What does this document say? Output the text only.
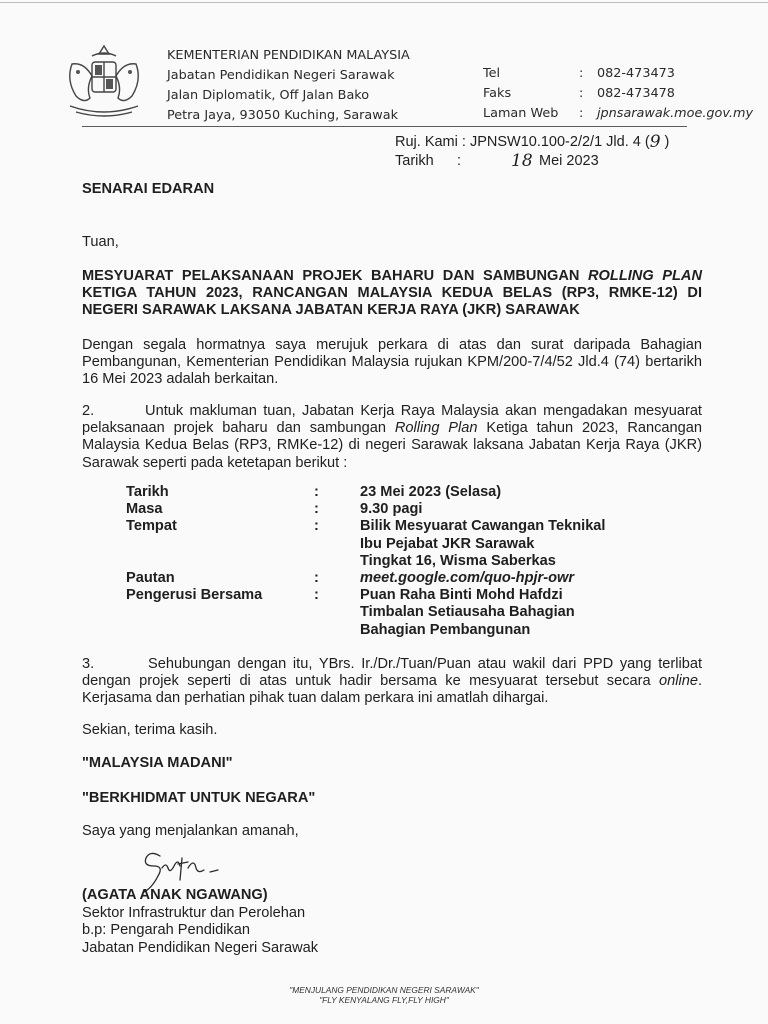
KEMENTERIAN PENDIDIKAN MALAYSIA
Jabatan Pendidikan Negeri Sarawak
Jalan Diplomatik, Off Jalan Bako
Petra Jaya, 93050 Kuching, Sarawak
Tel	:	082-473473
Faks	:	082-473478
Laman Web	:	jpnsarawak.moe.gov.my
Ruj. Kami :
JPNSW10.100-2/2/1 Jld. 4 ( 9
)
Tarikh	:	18 Mei 2023
SENARAI EDARAN
Tuan,
MESYUARAT PELAKSANAAN PROJEK BAHARU DAN SAMBUNGAN ROLLING PLAN KETIGA TAHUN 2023, RANCANGAN MALAYSIA KEDUA BELAS (RP3, RMKE-12) DI NEGERI SARAWAK LAKSANA JABATAN KERJA RAYA (JKR) SARAWAK
Dengan segala hormatnya saya merujuk perkara di atas dan surat daripada Bahagian Pembangunan, Kementerian Pendidikan Malaysia rujukan KPM/200-7/4/52 Jld.4 (74) bertarikh 16 Mei 2023 adalah berkaitan.
2.	Untuk makluman tuan, Jabatan Kerja Raya Malaysia akan mengadakan mesyuarat pelaksanaan projek baharu dan sambungan Rolling Plan Ketiga tahun 2023, Rancangan Malaysia Kedua Belas (RP3, RMKe-12) di negeri Sarawak laksana Jabatan Kerja Raya (JKR) Sarawak seperti pada ketetapan berikut :
Tarikh	:	23 Mei 2023 (Selasa)
Masa	:	9.30 pagi
Tempat	:	Bilik Mesyuarat Cawangan Teknikal
Ibu Pejabat JKR Sarawak
Tingkat 16, Wisma Saberkas
Pautan	:	meet.google.com/quo-hpjr-owr
Pengerusi Bersama	:	Puan Raha Binti Mohd Hafdzi
Timbalan Setiausaha Bahagian
Bahagian Pembangunan
3.	Sehubungan dengan itu, YBrs. Ir./Dr./Tuan/Puan atau wakil dari PPD yang terlibat dengan projek seperti di atas untuk hadir bersama ke mesyuarat tersebut secara online. Kerjasama dan perhatian pihak tuan dalam perkara ini amatlah dihargai.
Sekian, terima kasih.
"MALAYSIA MADANI"
"BERKHIDMAT UNTUK NEGARA"
Saya yang menjalankan amanah,
(AGATA ANAK NGAWANG)
Sektor Infrastruktur dan Perolehan
b.p: Pengarah Pendidikan
Jabatan Pendidikan Negeri Sarawak
"MENJULANG PENDIDIKAN NEGERI SARAWAK"
"FLY KENYALANG FLY,FLY HIGH"
